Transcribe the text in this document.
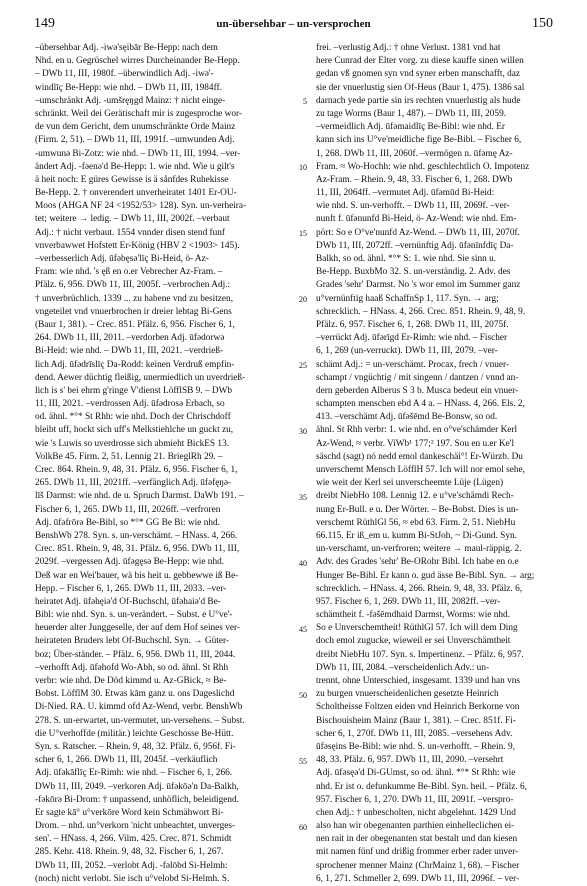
149	un-übersehbar – un-versprochen	150
–übersehbar Adj. -iwǝ'sęibār Be-Hepp: nach dem
Nhd. en u. Gegrüschel wirres Durcheinander Be-Hepp.
– DWb 11, III, 1980f. –überwindlich Adj. -iwǝ'-
windlīç Be-Hepp: wie nhd. – DWb 11, III, 1984ff.
–umschränkt Adj. -umšręŋgd Mainz: † nicht einge-
schränkt. Weil dei Gerätischaft mir is zugesproche wor-
de vun dem Gericht, dem unumschränkte Orde Mainz
(Firm. 2, 51). – DWb 11, III, 1991f. –umwunden Adj.
-umwunǝ Bi-Zotz: wie nhd. – DWb 11, III, 1994. –ver-
ändert Adj. -fǝenǝ'd Be-Hepp: 1. wie nhd. Wie u gilt's
ä heit noch: E güres Gewisse is ä sånfdes Ruhekisse
Be-Hepp. 2. † onverendert unverheiratet 1401 Er-OU-
Moos (AHGA NF 24 <1952/53> 128). Syn. un-verheira-
tet; weitere → ledig. – DWb 11, III, 2002f. –verbaut
Adj.: † nicht verbaut. 1554 vnnder disen stend funf
vnverbawwet Hofstett Er-König (HBV 2 <1903> 145).
–verbesserlich Adj. ūfǝbęsǝ'līç Bi-Heid, ö- Az-
Fram: wie nhd. 's ęß en o.er Vebrecher Az-Fram. –
Pfälz. 6, 956. DWb 11, III, 2005f. –verbrochen Adj.:
† unverbrüchlich. 1339 ... zu habene vnd zu besitzen,
vngeteilet vnd vnuerbrochen ir dreier lebtag Bi-Gens
(Baur 1, 381). – Crec. 851. Pfälz. 6, 956. Fischer 6, 1,
264. DWb 11, III, 2011. –verdorben Adj. ūfǝdorwǝ
Bi-Heid: wie nhd. – DWb 11, III, 2021. –verdrieß-
lich Adj. ūfǝdrīslīç Da-Rodd: keinen Verdruß empfin-
dend. Aewer düchtig fleißig, unermiedlich un uverdrieß-
lich is s' bei ehrm g'ringe V'dienst LöfflSB 9. – DWb
11, III, 2021. –verdrossen Adj. ūfǝdrosǝ Erbach, so
od. ähnl. *°* St Rhh: wie nhd. Doch der Chrischdoff
bleibt uff, hockt sich uff's Melkstiehlche un guckt zu,
wie 's Luwis so uverdrosse sich abmieht BickES 13.
VolkBe 45. Firm. 2, 51. Lennig 21. BrieglRh 29. –
Crec. 864. Rhein. 9, 48, 31. Pfälz. 6, 956. Fischer 6, 1,
265. DWb 11, III, 2021ff. –verfänglich Adj. ūfǝfęŋǝ-
līš Darmst: wie nhd. de u. Spruch Darmst. DaWb 191. –
Fischer 6, 1, 265. DWb 11, III, 2026ff. –verfroren
Adj. ūfǝfrōrǝ Be-Bibl, so *°* GG Be Bi: wie nhd.
BenshWb 278. Syn. s. un-verschämt. – HNass. 4, 266.
Crec. 851. Rhein. 9, 48, 31. Pfälz. 6, 956. DWb 11, III,
2029f. –vergessen Adj. ūfǝgęsǝ Be-Hepp: wie nhd.
Deß war en Wei'bauer, wä bis heit u. gebbewwe iß Be-
Hepp. – Fischer 6, 1, 265. DWb 11, III, 2033. –ver-
heiratet Adj. ūfǝhęiǝ'd Of-Buchschl, ūfǝhaiǝ'd Be-
Bibl: wie nhd. Syn. s. un-verändert. – Subst. e U°ve'-
heuerder alter Junggeselle, der auf dem Hof seines ver-
heirateten Bruders lebt Of-Buchschl. Syn. → Güter-
boz; Über-ständer. – Pfälz. 6, 956. DWb 11, III, 2044.
–verhofft Adj. ūfǝhofd Wo-Abh, so od. ähnl. St Rhh
verbr: wie nhd. De Död kimmd u. Az-GBick, ≈ Be-
Bobst. LöfflM 30. Etwas kām ganz u. ons Dageslichd
Di-Nied. RA. U. kimmd ofd Az-Wend, verbr. BenshWb
278. S. un-erwartet, un-vermutet, un-versehens. – Subst.
die U°verhoffde (militär.) leichte Geschosse Be-Hütt.
Syn. s. Ratscher. – Rhein. 9, 48, 32. Pfälz. 6, 956f. Fi-
scher 6, 1, 266. DWb 11, III, 2045f. –verkäuflich
Adj. ūfǝkāflīç Er-Rimh: wie nhd. – Fischer 6, 1, 266.
DWb 11, III, 2049. –verkoren Adj. ūfǝkōǝ'n Da-Balkh,
-fǝkōrǝ Bi-Drom: † unpassend, unhöflich, beleidigend.
Er sagte kā° u°verkōre Word kein Schmähwort Bi-
Drom. – nhd. un°verkorn 'nicht unbeachtet, unverges-
sen'. – HNass. 4, 266. Vilm. 425. Crec. 871. Schmidt
285. Kehr. 418. Rhein. 9, 48, 32. Fischer 6, 1, 267.
DWb 11, III, 2052. –verlobt Adj. -fǝlōbd Si-Helmh:
(noch) nicht verlobt. Sie isch u°velobd Si-Helmh. S.
5
10
15
20
25
30
35
40
45
50
55
60
frei. –verlustig Adj.: † ohne Verlust. 1381 vnd hat
here Cunrad der Elter vorg. zu diese kauffe sinen willen
gedan vß gnomen syn vnd syner erben manschafft, daz
sie der vnuerlustig sien Of-Heus (Baur 1, 475). 1386 sal
darnach yede partie sin irs rechten vnuerlustig als hude
zu tage Worms (Baur 1, 487). – DWb 11, III, 2059.
–vermeidlich Adj. ūfǝmaidlīç Be-Bibl: wie nhd. Er
kann sich ins U°ve'meidliche fige Be-Bibl. – Fischer 6,
1, 268. DWb 11, III, 2060f. –vermögen n. ūfǝmę Az-
Fram. ≈ Wo-Hochh: wie nhd. geschlechtlich O. Impotenz
Az-Fram. – Rhein. 9, 48, 33. Fischer 6, 1, 268. DWb
11, III, 2064ff. –vermutet Adj. ūfǝmūd Bi-Heid:
wie nhd. S. un-verhofft. – DWb 11, III, 2069f. –ver-
nunft f. ūfǝnunfd Bi-Heid, ö- Az-Wend: wie nhd. Em-
pört: So e O°ve'nunfd Az-Wend. – DWb 11, III, 2070f.
DWb 11, III, 2072ff. –vernünftig Adj. ūfǝnīnfdīç Da-
Balkh, so od. ähnl. *°* S: 1. wie nhd. Sie sinn u.
Be-Hepp. BuxbMo 32. S. un-verständig. 2. Adv. des
Grades 'sehr' Darmst. No 's wor emol im Summer ganz
u°vernünftig haaß SchaffnSp 1, 117. Syn. → arg;
schrecklich. – HNass. 4, 266. Crec. 851. Rhein. 9, 48, 9.
Pfälz. 6, 957. Fischer 6, 1, 268. DWb 11, III, 2075f.
–verrückt Adj. ūfǝrīgd Er-Rimh: wie nhd. – Fischer
6, 1, 269 (un-verruckt). DWb 11, III, 2079. –ver-
schämt Adj.: = un-verschämt. Procax, frech / vnuer-
schampt / vngüchtig / mit singenn / dantzen / vnnd an-
dern geberden Alberus S 3 b. Musca bedeut ein vnuer-
schampten menschen ebd A 4 a. – HNass. 4, 266. Els. 2,
413. –verschämt Adj. ūfǝšēmd Be-Bonsw, so od.
ähnl. St Rhh verbr: 1. wie nhd. en o°ve'schämder Kerl
Az-Wend, ≈ verbr. ViWb¹ 177;² 197. Sou en u.er Ke'l
säschd (sagt) nó nedd emol dankeschäi°! Er-Würzb. Du
unverschemt Mensch LöfflH 57. Ich will nor emol sehe,
wie weit der Kerl sei unverscheemte Lüje (Lügen)
dreibt NiebHo 108. Lennig 12. e u°ve'schämdi Rech-
nung Er-Bull. e u. Der Wörter. – Be-Bobst. Dies is un-
verschemt RüthlGl 56, ≈ ebd 63. Firm. 2, 51. NiebHu
66.115. Er iß_em u. kumm Bi-StJoh, ~ Di-Gund. Syn.
un-verschamt, un-verfroren; weitere → maul-räppig. 2.
Adv. des Grades 'sehr' Be-ORohr Bibl. Ich habe en o.e
Hunger Be-Bibl. Er kann o. gud ässe Be-Bibl. Syn. → arg;
schrecklich. – HNass. 4, 266. Rhein. 9, 48, 33. Pfälz. 6,
957. Fischer 6, 1, 269. DWb 11, III, 2082ff. –ver-
schämtheit f. -fǝšēmdhaid Darmst, Worms: wie nhd.
So e Unverschemtheit! RüthlGl 57. Ich will dem Ding
doch emol zugucke, wieweil er sei Unverschämtheit
dreibt NiebHu 107. Syn. s. Impertinenz. – Pfälz. 6, 957.
DWb 11, III, 2084. –verscheidenlich Adv.: un-
trennt, ohne Unterschied, insgesamt. 1339 und han vns
zu burgen vnuerscheidenlichen gesetzte Heinrich
Scholtheisse Foltzen eiden vnd Heinrich Berkorne von
Bischouisheim Mainz (Baur 1, 381). – Crec. 851f. Fi-
scher 6, 1, 270f. DWb 11, III, 2085. –versehens Adv.
ūfǝsęins Be-Bibl: wie nhd. S. un-verhofft. – Rhein. 9,
48, 33. Pfälz. 6, 957. DWb 11, III, 2090. –versehrt
Adj. ūfǝsęǝ'd Di-GUmst, so od. ähnl. *°* St Rhh: wie
nhd. Er ist o. defunkumme Be-Bibl. Syn. heil. – Pfälz. 6,
957. Fischer 6, 1, 270. DWb 11, III, 2091f. –verspro-
chen Adj.: † unbescholten, nicht abgelehnt. 1429 Und
also han wir obegenanten parthien einhelleclichen ei-
nen rait in der obegenanten stat bestalt und dan kiesen
mit namen fünf und drißig frommer erber rader unver-
sprochener menner Mainz (ChrMainz 1, 68). – Fischer
6, 1, 271. Schmeller 2, 699. DWb 11, III, 2096f. – ver-
